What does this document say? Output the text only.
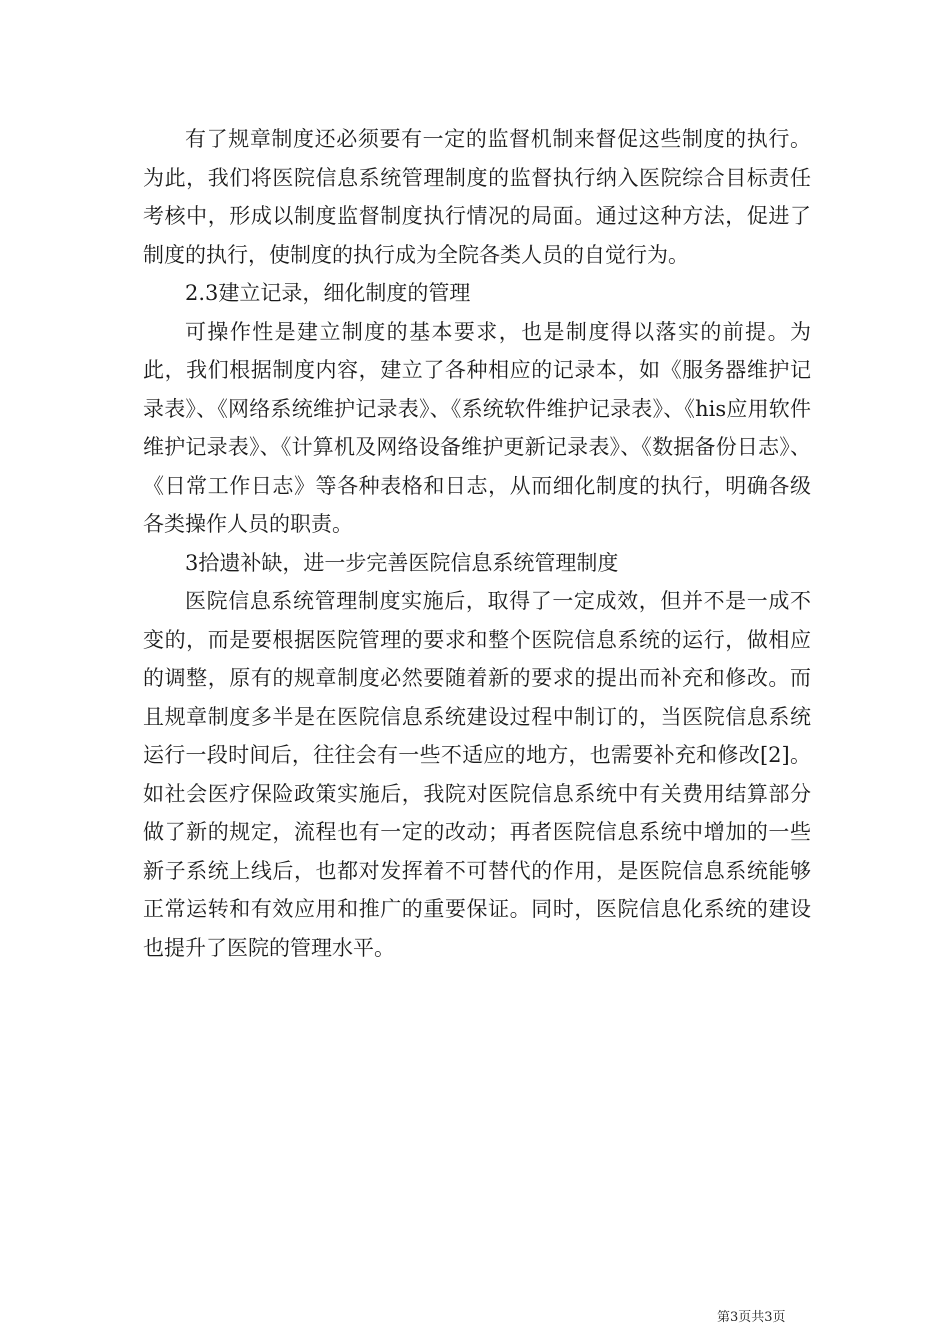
有了规章制度还必须要有一定的监督机制来督促这些制度的执行。为此，我们将医院信息系统管理制度的监督执行纳入医院综合目标责任考核中，形成以制度监督制度执行情况的局面。通过这种方法，促进了制度的执行，使制度的执行成为全院各类人员的自觉行为。

2.3建立记录，细化制度的管理

可操作性是建立制度的基本要求，也是制度得以落实的前提。为此，我们根据制度内容，建立了各种相应的记录本，如《服务器维护记录表》、《网络系统维护记录表》、《系统软件维护记录表》、《his应用软件维护记录表》、《计算机及网络设备维护更新记录表》、《数据备份日志》、《日常工作日志》等各种表格和日志，从而细化制度的执行，明确各级各类操作人员的职责。

3拾遗补缺，进一步完善医院信息系统管理制度

医院信息系统管理制度实施后，取得了一定成效，但并不是一成不变的，而是要根据医院管理的要求和整个医院信息系统的运行，做相应的调整，原有的规章制度必然要随着新的要求的提出而补充和修改。而且规章制度多半是在医院信息系统建设过程中制订的，当医院信息系统运行一段时间后，往往会有一些不适应的地方，也需要补充和修改[2]。如社会医疗保险政策实施后，我院对医院信息系统中有关费用结算部分做了新的规定，流程也有一定的改动；再者医院信息系统中增加的一些新子系统上线后，也都对发挥着不可替代的作用，是医院信息系统能够正常运转和有效应用和推广的重要保证。同时，医院信息化系统的建设也提升了医院的管理水平。

第3页共3页
